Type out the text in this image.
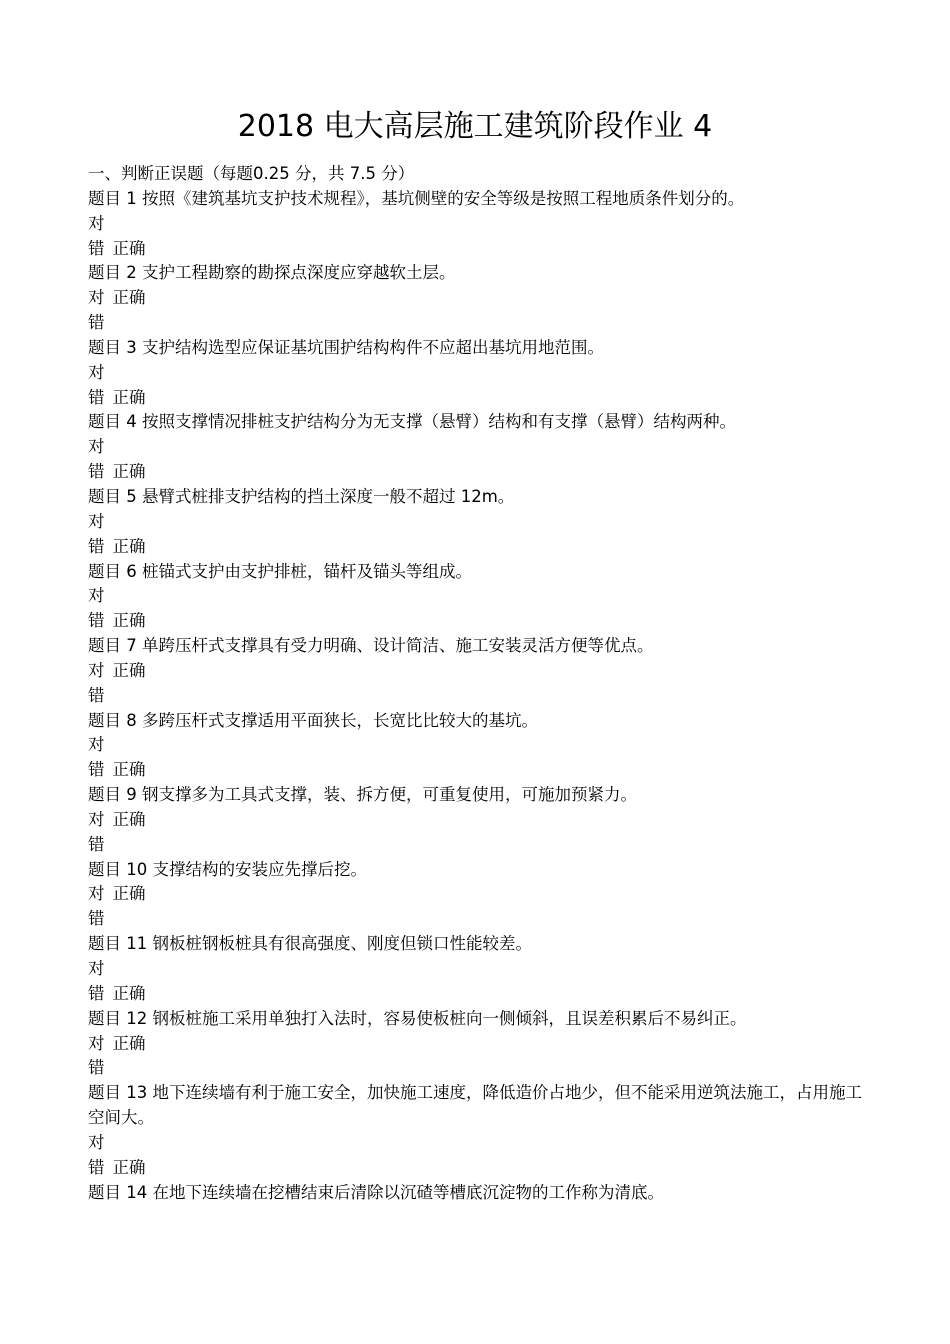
2018 电大高层施工建筑阶段作业 4
一、判断正误题（每题0.25 分，共 7.5 分）
题目 1 按照《建筑基坑支护技术规程》，基坑侧壁的安全等级是按照工程地质条件划分的。
对
错 正确
题目 2 支护工程勘察的勘探点深度应穿越软土层。
对 正确
错
题目 3 支护结构选型应保证基坑围护结构构件不应超出基坑用地范围。
对
错 正确
题目 4 按照支撑情况排桩支护结构分为无支撑（悬臂）结构和有支撑（悬臂）结构两种。
对
错 正确
题目 5 悬臂式桩排支护结构的挡土深度一般不超过 12m。
对
错 正确
题目 6 桩锚式支护由支护排桩，锚杆及锚头等组成。
对
错 正确
题目 7 单跨压杆式支撑具有受力明确、设计简洁、施工安装灵活方便等优点。
对 正确
错
题目 8 多跨压杆式支撑适用平面狭长，长宽比比较大的基坑。
对
错 正确
题目 9 钢支撑多为工具式支撑，装、拆方便，可重复使用，可施加预紧力。
对 正确
错
题目 10 支撑结构的安装应先撑后挖。
对 正确
错
题目 11 钢板桩钢板桩具有很高强度、刚度但锁口性能较差。
对
错 正确
题目 12 钢板桩施工采用单独打入法时，容易使板桩向一侧倾斜，且误差积累后不易纠正。
对 正确
错
题目 13 地下连续墙有利于施工安全，加快施工速度，降低造价占地少，但不能采用逆筑法施工，占用施工空间大。
对
错 正确
题目 14 在地下连续墙在挖槽结束后清除以沉碴等槽底沉淀物的工作称为清底。
